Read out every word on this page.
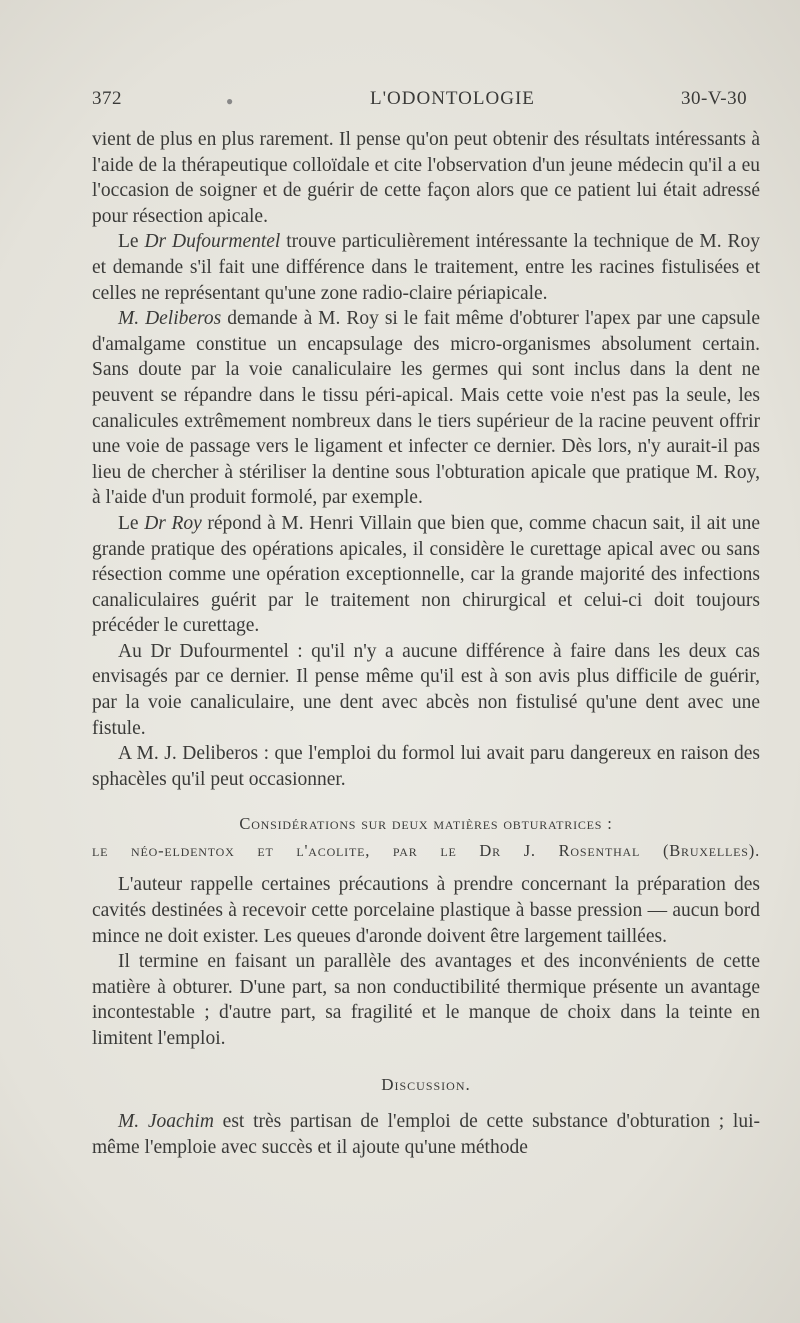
372	●	L'ODONTOLOGIE	30-V-30

vient de plus en plus rarement. Il pense qu'on peut obtenir des résultats intéressants à l'aide de la thérapeutique colloïdale et cite l'observation d'un jeune médecin qu'il a eu l'occasion de soigner et de guérir de cette façon alors que ce patient lui était adressé pour résection apicale.

Le Dr Dufourmentel trouve particulièrement intéressante la technique de M. Roy et demande s'il fait une différence dans le traitement, entre les racines fistulisées et celles ne représentant qu'une zone radio-claire périapicale.

M. Deliberos demande à M. Roy si le fait même d'obturer l'apex par une capsule d'amalgame constitue un encapsulage des micro-organismes absolument certain. Sans doute par la voie canaliculaire les germes qui sont inclus dans la dent ne peuvent se répandre dans le tissu péri-apical. Mais cette voie n'est pas la seule, les canalicules extrêmement nombreux dans le tiers supérieur de la racine peuvent offrir une voie de passage vers le ligament et infecter ce dernier. Dès lors, n'y aurait-il pas lieu de chercher à stériliser la dentine sous l'obturation apicale que pratique M. Roy, à l'aide d'un produit formolé, par exemple.

Le Dr Roy répond à M. Henri Villain que bien que, comme chacun sait, il ait une grande pratique des opérations apicales, il considère le curettage apical avec ou sans résection comme une opération exceptionnelle, car la grande majorité des infections canaliculaires guérit par le traitement non chirurgical et celui-ci doit toujours précéder le curettage.

Au Dr Dufourmentel : qu'il n'y a aucune différence à faire dans les deux cas envisagés par ce dernier. Il pense même qu'il est à son avis plus difficile de guérir, par la voie canaliculaire, une dent avec abcès non fistulisé qu'une dent avec une fistule.

A M. J. Deliberos : que l'emploi du formol lui avait paru dangereux en raison des sphacèles qu'il peut occasionner.

Considérations sur deux matières obturatrices :

le néo-eldentox et l'acolite, par le Dr J. Rosenthal (Bruxelles).

L'auteur rappelle certaines précautions à prendre concernant la préparation des cavités destinées à recevoir cette porcelaine plastique à basse pression — aucun bord mince ne doit exister. Les queues d'aronde doivent être largement taillées.

Il termine en faisant un parallèle des avantages et des inconvénients de cette matière à obturer. D'une part, sa non conductibilité thermique présente un avantage incontestable ; d'autre part, sa fragilité et le manque de choix dans la teinte en limitent l'emploi.

Discussion.

M. Joachim est très partisan de l'emploi de cette substance d'obturation ; lui-même l'emploie avec succès et il ajoute qu'une méthode
